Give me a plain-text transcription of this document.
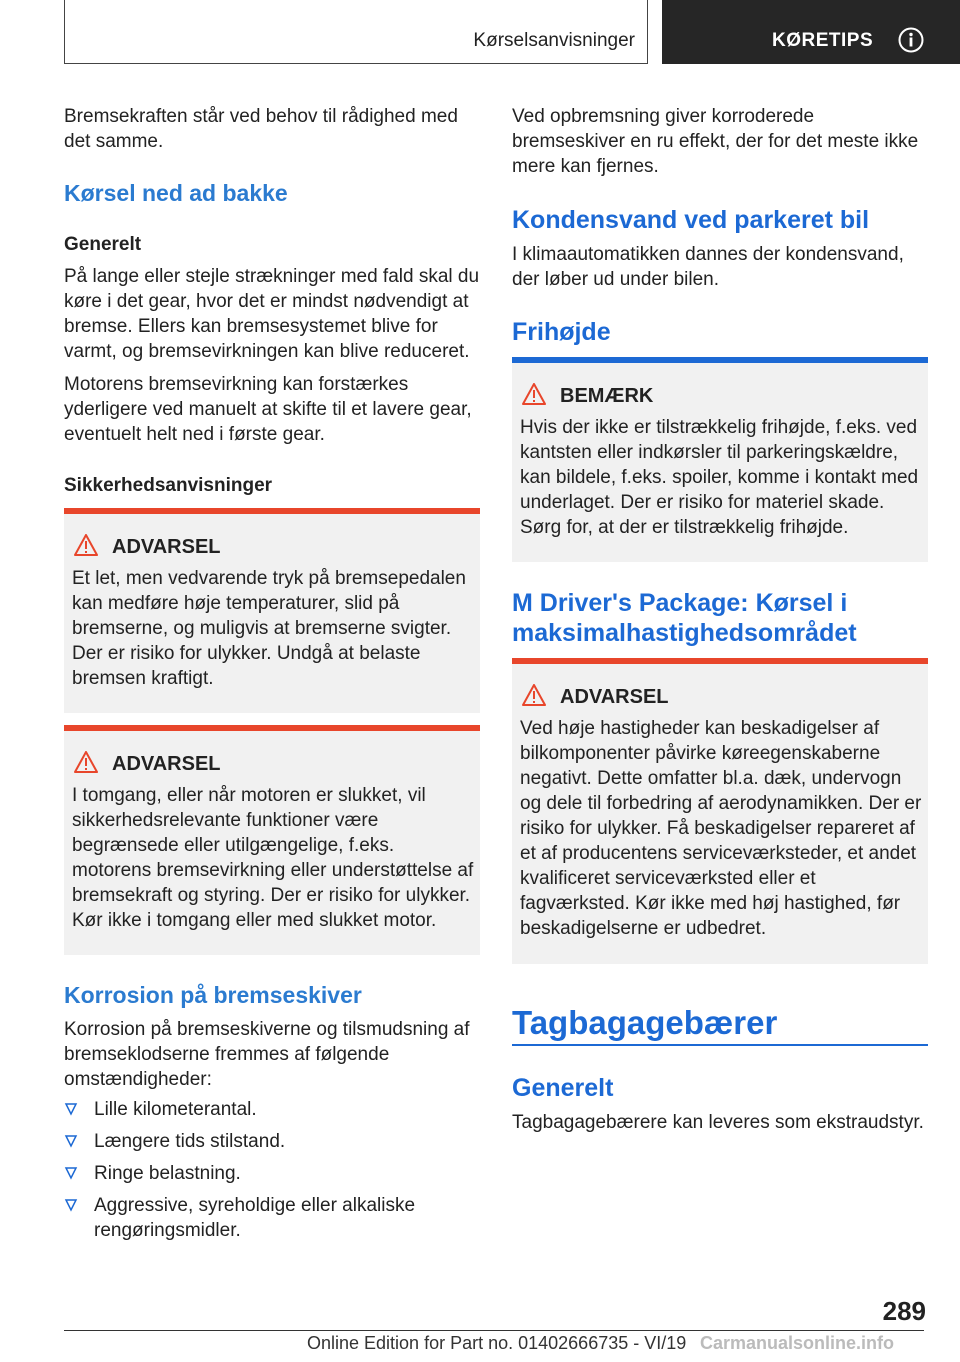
Kørselsanvisninger	KØRETIPS

Bremsekraften står ved behov til rådighed med det samme.

Kørsel ned ad bakke
Generelt

På lange eller stejle strækninger med fald skal du køre i det gear, hvor det er mindst nødvendigt at bremse. Ellers kan bremsesystemet blive for varmt, og bremsevirkningen kan blive reduceret.

Motorens bremsevirkning kan forstærkes yderligere ved manuelt at skifte til et lavere gear, eventuelt helt ned i første gear.

Sikkerhedsanvisninger
ADVARSEL

Et let, men vedvarende tryk på bremsepedalen kan medføre høje temperaturer, slid på bremserne, og muligvis at bremserne svigter. Der er risiko for ulykker. Undgå at belaste bremsen kraftigt.

ADVARSEL

I tomgang, eller når motoren er slukket, vil sikkerhedsrelevante funktioner være begrænsede eller utilgængelige, f.eks. motorens bremsevirkning eller understøttelse af bremsekraft og styring. Der er risiko for ulykker. Kør ikke i tomgang eller med slukket motor.

Korrosion på bremseskiver

Korrosion på bremseskiverne og tilsmudsning af bremseklodserne fremmes af følgende omstændigheder:

Lille kilometerantal.
Længere tids stilstand.
Ringe belastning.
Aggressive, syreholdige eller alkaliske rengøringsmidler.

Ved opbremsning giver korroderede bremseskiver en ru effekt, der for det meste ikke mere kan fjernes.

Kondensvand ved parkeret bil

I klimaautomatikken dannes der kondensvand, der løber ud under bilen.

Frihøjde
BEMÆRK

Hvis der ikke er tilstrækkelig frihøjde, f.eks. ved kantsten eller indkørsler til parkeringskældre, kan bildele, f.eks. spoiler, komme i kontakt med underlaget. Der er risiko for materiel skade. Sørg for, at der er tilstrækkelig frihøjde.

M Driver's Package: Kørsel i maksimalhastighedsområdet
ADVARSEL

Ved høje hastigheder kan beskadigelser af bilkomponenter påvirke køreegenskaberne negativt. Dette omfatter bl.a. dæk, undervogn og dele til forbedring af aerodynamikken. Der er risiko for ulykker. Få beskadigelser repareret af et af producentens serviceværksteder, et andet kvalificeret serviceværksted eller et fagværksted. Kør ikke med høj hastighed, før beskadigelserne er udbedret.

Tagbagagebærer
Generelt

Tagbagagebærere kan leveres som ekstraudstyr.

289
Online Edition for Part no. 01402666735 - VI/19 Carmanualsonline.info
